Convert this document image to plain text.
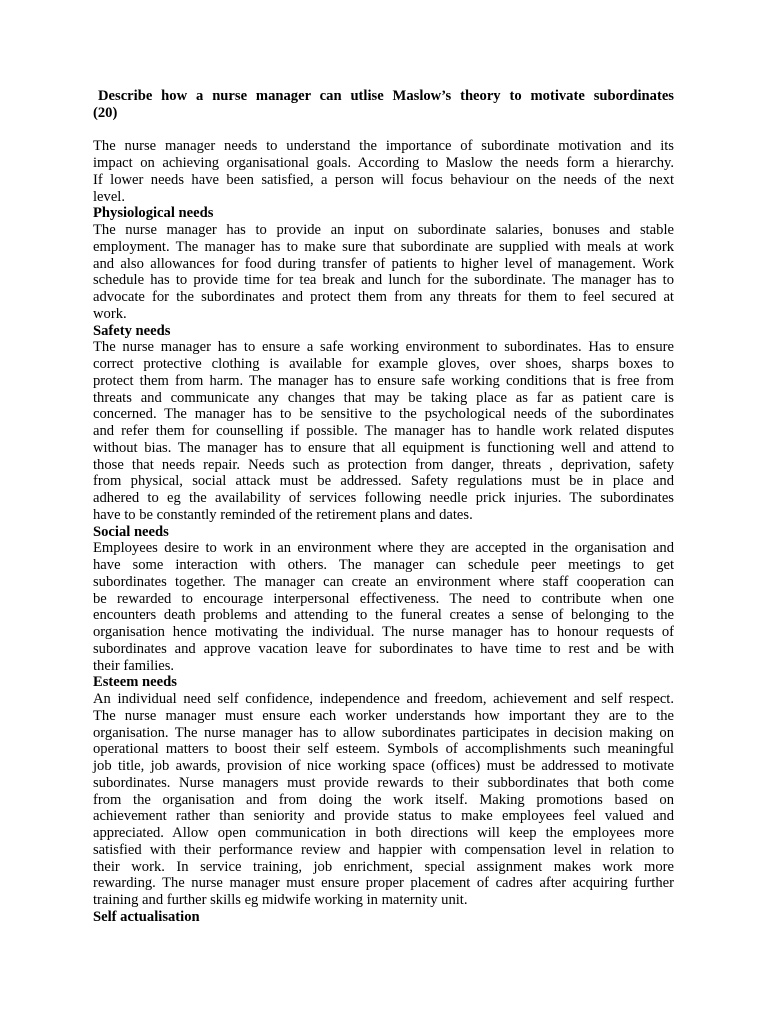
Describe how a nurse manager can utlise Maslow’s theory to motivate subordinates
(20)
The nurse manager needs to understand the importance of subordinate motivation and its
impact on achieving organisational goals. According to Maslow the needs form a hierarchy.
If lower needs have been satisfied, a person will focus behaviour on the needs of the next
level.
Physiological needs
The nurse manager has to provide an input on subordinate salaries, bonuses and stable
employment. The manager has to make sure that subordinate are supplied with meals at work
and also allowances for food during transfer of patients to higher level of management. Work
schedule has to provide time for tea break and lunch for the subordinate. The manager has to
advocate for the subordinates and protect them from any threats for them to feel secured at
work.
Safety needs
The nurse manager has to ensure a safe working environment to subordinates. Has to ensure
correct protective clothing is available for example gloves, over shoes, sharps boxes to
protect them from harm. The manager has to ensure safe working conditions that is free from
threats and communicate any changes that may be taking place as far as patient care is
concerned. The manager has to be sensitive to the psychological needs of the subordinates
and refer them for counselling if possible. The manager has to handle work related disputes
without bias. The manager has to ensure that all equipment is functioning well and attend to
those that needs repair. Needs such as protection from danger, threats , deprivation, safety
from physical, social attack must be addressed. Safety regulations must be in place and
adhered to eg the availability of services following needle prick injuries. The subordinates
have to be constantly reminded of the retirement plans and dates.
Social needs
Employees desire to work in an environment where they are accepted in the organisation and
have some interaction with others. The manager can schedule peer meetings to get
subordinates together. The manager can create an environment where staff cooperation can
be rewarded to encourage interpersonal effectiveness. The need to contribute when one
encounters death problems and attending to the funeral creates a sense of belonging to the
organisation hence motivating the individual. The nurse manager has to honour requests of
subordinates and approve vacation leave for subordinates to have time to rest and be with
their families.
Esteem needs
An individual need self confidence, independence and freedom, achievement and self respect.
The nurse manager must ensure each worker understands how important they are to the
organisation. The nurse manager has to allow subordinates participates in decision making on
operational matters to boost their self esteem. Symbols of accomplishments such meaningful
job title, job awards, provision of nice working space (offices) must be addressed to motivate
subordinates. Nurse managers must provide rewards to their subbordinates that both come
from the organisation and from doing the work itself. Making promotions based on
achievement rather than seniority and provide status to make employees feel valued and
appreciated. Allow open communication in both directions will keep the employees more
satisfied with their performance review and happier with compensation level in relation to
their work. In service training, job enrichment, special assignment makes work more
rewarding. The nurse manager must ensure proper placement of cadres after acquiring further
training and further skills eg midwife working in maternity unit.
Self actualisation
